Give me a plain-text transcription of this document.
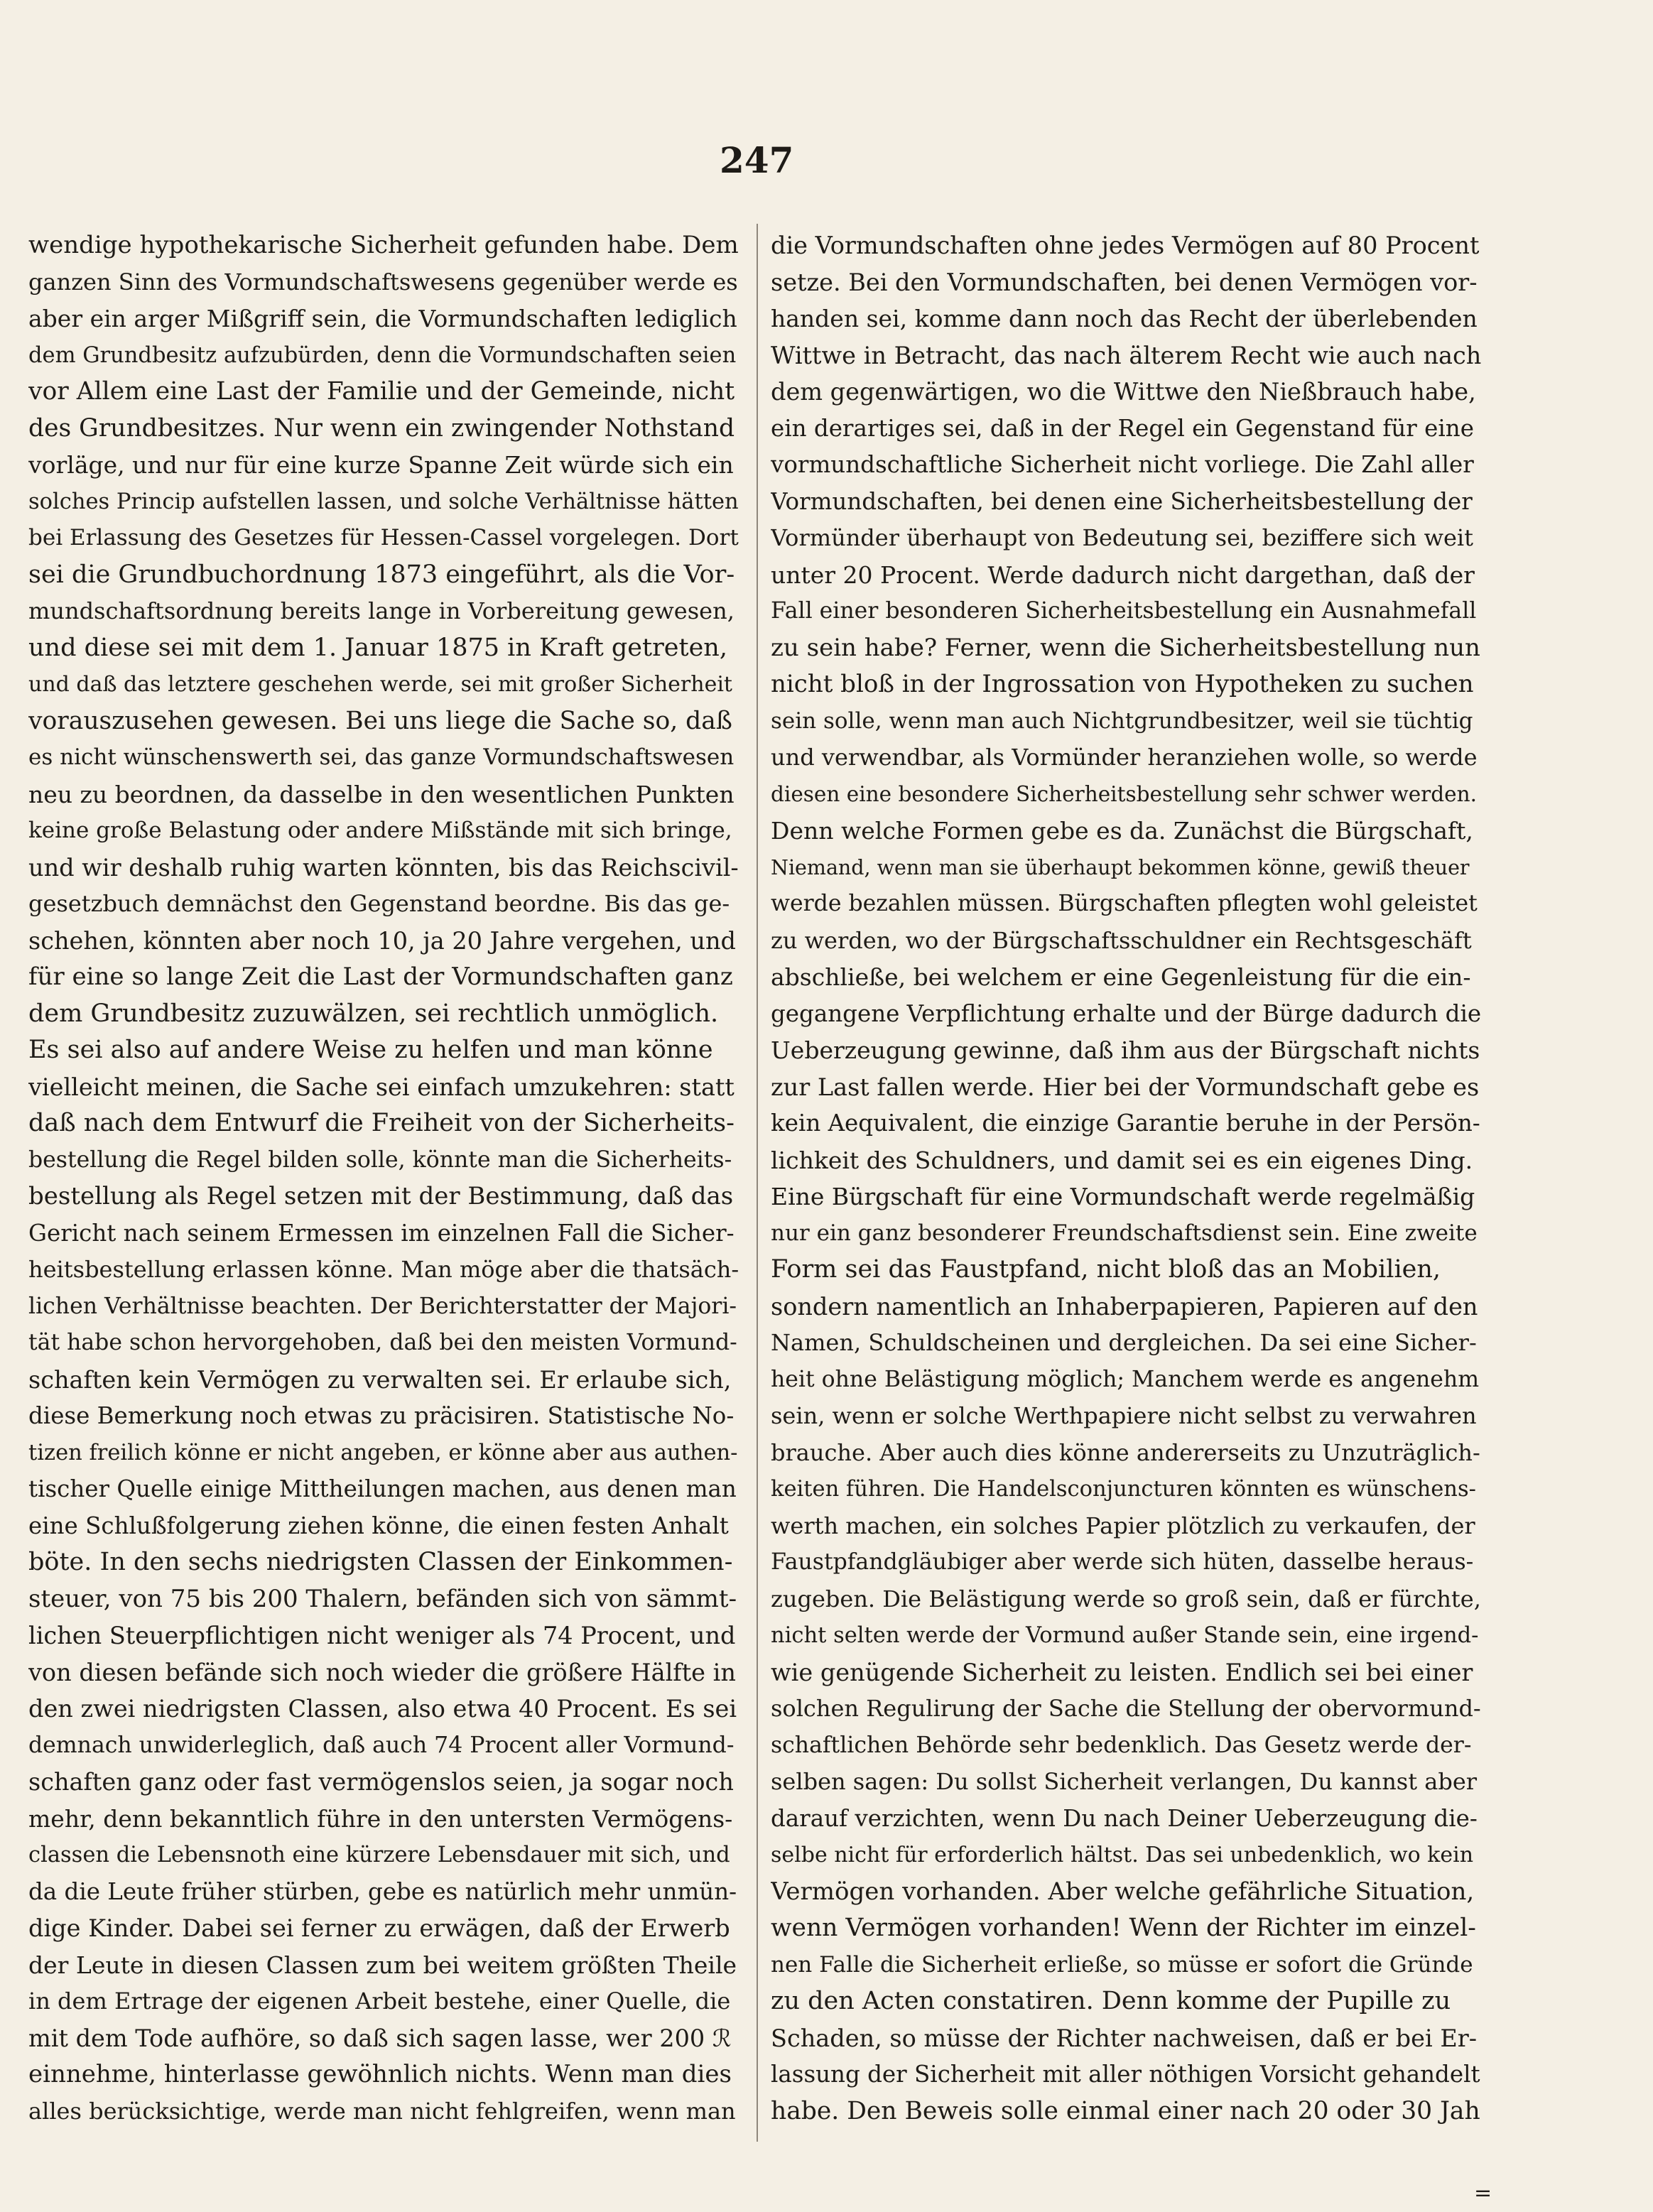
247
wendige hypothekarische Sicherheit gefunden habe. Dem
ganzen Sinn des Vormundschaftswesens gegenüber werde es
aber ein arger Mißgriff sein, die Vormundschaften lediglich
dem Grundbesitz aufzubürden, denn die Vormundschaften seien
vor Allem eine Last der Familie und der Gemeinde, nicht
des Grundbesitzes. Nur wenn ein zwingender Nothstand
vorläge, und nur für eine kurze Spanne Zeit würde sich ein
solches Princip aufstellen lassen, und solche Verhältnisse hätten
bei Erlassung des Gesetzes für Hessen-Cassel vorgelegen. Dort
sei die Grundbuchordnung 1873 eingeführt, als die Vor-
mundschaftsordnung bereits lange in Vorbereitung gewesen,
und diese sei mit dem 1. Januar 1875 in Kraft getreten,
und daß das letztere geschehen werde, sei mit großer Sicherheit
vorauszusehen gewesen. Bei uns liege die Sache so, daß
es nicht wünschenswerth sei, das ganze Vormundschaftswesen
neu zu beordnen, da dasselbe in den wesentlichen Punkten
keine große Belastung oder andere Mißstände mit sich bringe,
und wir deshalb ruhig warten könnten, bis das Reichscivil-
gesetzbuch demnächst den Gegenstand beordne. Bis das ge-
schehen, könnten aber noch 10, ja 20 Jahre vergehen, und
für eine so lange Zeit die Last der Vormundschaften ganz
dem Grundbesitz zuzuwälzen, sei rechtlich unmöglich.
Es sei also auf andere Weise zu helfen und man könne
vielleicht meinen, die Sache sei einfach umzukehren: statt
daß nach dem Entwurf die Freiheit von der Sicherheits-
bestellung die Regel bilden solle, könnte man die Sicherheits-
bestellung als Regel setzen mit der Bestimmung, daß das
Gericht nach seinem Ermessen im einzelnen Fall die Sicher-
heitsbestellung erlassen könne. Man möge aber die thatsäch-
lichen Verhältnisse beachten. Der Berichterstatter der Majori-
tät habe schon hervorgehoben, daß bei den meisten Vormund-
schaften kein Vermögen zu verwalten sei. Er erlaube sich,
diese Bemerkung noch etwas zu präcisiren. Statistische No-
tizen freilich könne er nicht angeben, er könne aber aus authen-
tischer Quelle einige Mittheilungen machen, aus denen man
eine Schlußfolgerung ziehen könne, die einen festen Anhalt
böte. In den sechs niedrigsten Classen der Einkommen-
steuer, von 75 bis 200 Thalern, befänden sich von sämmt-
lichen Steuerpflichtigen nicht weniger als 74 Procent, und
von diesen befände sich noch wieder die größere Hälfte in
den zwei niedrigsten Classen, also etwa 40 Procent. Es sei
demnach unwiderleglich, daß auch 74 Procent aller Vormund-
schaften ganz oder fast vermögenslos seien, ja sogar noch
mehr, denn bekanntlich führe in den untersten Vermögens-
classen die Lebensnoth eine kürzere Lebensdauer mit sich, und
da die Leute früher stürben, gebe es natürlich mehr unmün-
dige Kinder. Dabei sei ferner zu erwägen, daß der Erwerb
der Leute in diesen Classen zum bei weitem größten Theile
in dem Ertrage der eigenen Arbeit bestehe, einer Quelle, die
mit dem Tode aufhöre, so daß sich sagen lasse, wer 200 ℛ
einnehme, hinterlasse gewöhnlich nichts. Wenn man dies
alles berücksichtige, werde man nicht fehlgreifen, wenn man
die Vormundschaften ohne jedes Vermögen auf 80 Procent
setze. Bei den Vormundschaften, bei denen Vermögen vor-
handen sei, komme dann noch das Recht der überlebenden
Wittwe in Betracht, das nach älterem Recht wie auch nach
dem gegenwärtigen, wo die Wittwe den Nießbrauch habe,
ein derartiges sei, daß in der Regel ein Gegenstand für eine
vormundschaftliche Sicherheit nicht vorliege. Die Zahl aller
Vormundschaften, bei denen eine Sicherheitsbestellung der
Vormünder überhaupt von Bedeutung sei, beziffere sich weit
unter 20 Procent. Werde dadurch nicht dargethan, daß der
Fall einer besonderen Sicherheitsbestellung ein Ausnahmefall
zu sein habe? Ferner, wenn die Sicherheitsbestellung nun
nicht bloß in der Ingrossation von Hypotheken zu suchen
sein solle, wenn man auch Nichtgrundbesitzer, weil sie tüchtig
und verwendbar, als Vormünder heranziehen wolle, so werde
diesen eine besondere Sicherheitsbestellung sehr schwer werden.
Denn welche Formen gebe es da. Zunächst die Bürgschaft,
Niemand, wenn man sie überhaupt bekommen könne, gewiß theuer
werde bezahlen müssen. Bürgschaften pflegten wohl geleistet
zu werden, wo der Bürgschaftsschuldner ein Rechtsgeschäft
abschließe, bei welchem er eine Gegenleistung für die ein-
gegangene Verpflichtung erhalte und der Bürge dadurch die
Ueberzeugung gewinne, daß ihm aus der Bürgschaft nichts
zur Last fallen werde. Hier bei der Vormundschaft gebe es
kein Aequivalent, die einzige Garantie beruhe in der Persön-
lichkeit des Schuldners, und damit sei es ein eigenes Ding.
Eine Bürgschaft für eine Vormundschaft werde regelmäßig
nur ein ganz besonderer Freundschaftsdienst sein. Eine zweite
Form sei das Faustpfand, nicht bloß das an Mobilien,
sondern namentlich an Inhaberpapieren, Papieren auf den
Namen, Schuldscheinen und dergleichen. Da sei eine Sicher-
heit ohne Belästigung möglich; Manchem werde es angenehm
sein, wenn er solche Werthpapiere nicht selbst zu verwahren
brauche. Aber auch dies könne andererseits zu Unzuträglich-
keiten führen. Die Handelsconjuncturen könnten es wünschens-
werth machen, ein solches Papier plötzlich zu verkaufen, der
Faustpfandgläubiger aber werde sich hüten, dasselbe heraus-
zugeben. Die Belästigung werde so groß sein, daß er fürchte,
nicht selten werde der Vormund außer Stande sein, eine irgend-
wie genügende Sicherheit zu leisten. Endlich sei bei einer
solchen Regulirung der Sache die Stellung der obervormund-
schaftlichen Behörde sehr bedenklich. Das Gesetz werde der-
selben sagen: Du sollst Sicherheit verlangen, Du kannst aber
darauf verzichten, wenn Du nach Deiner Ueberzeugung die-
selbe nicht für erforderlich hältst. Das sei unbedenklich, wo kein
Vermögen vorhanden. Aber welche gefährliche Situation,
wenn Vermögen vorhanden! Wenn der Richter im einzel-
nen Falle die Sicherheit erließe, so müsse er sofort die Gründe
zu den Acten constatiren. Denn komme der Pupille zu
Schaden, so müsse der Richter nachweisen, daß er bei Er-
lassung der Sicherheit mit aller nöthigen Vorsicht gehandelt
habe. Den Beweis solle einmal einer nach 20 oder 30 Jah
=
